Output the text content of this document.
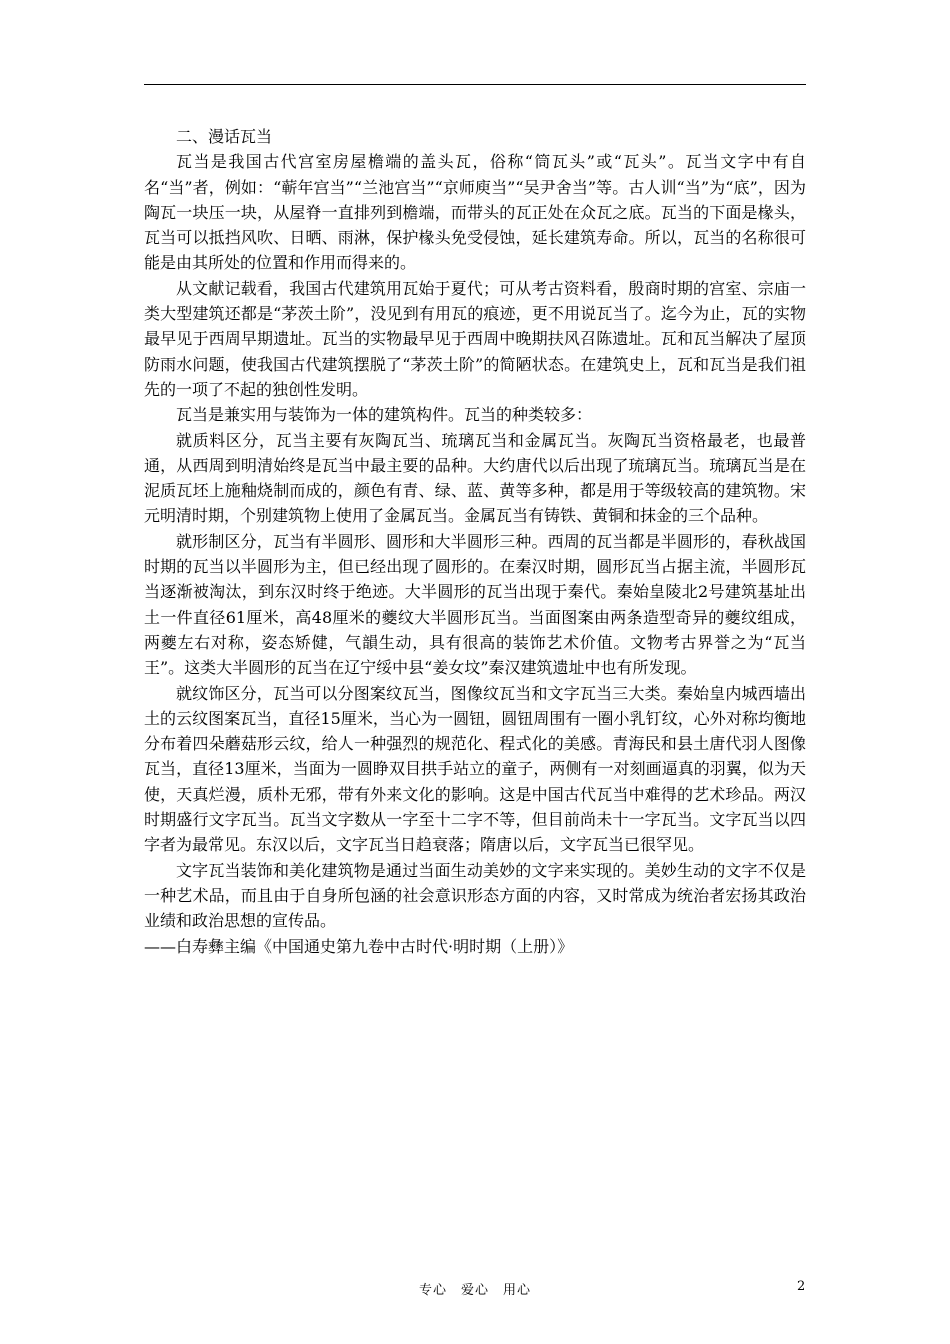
二、漫话瓦当

瓦当是我国古代宫室房屋檐端的盖头瓦，俗称“筒瓦头”或“瓦头”。瓦当文字中有自名“当”者，例如：“蕲年宫当”“兰池宫当”“京师庾当”“吴尹舍当”等。古人训“当”为“底”，因为陶瓦一块压一块，从屋脊一直排列到檐端，而带头的瓦正处在众瓦之底。瓦当的下面是椽头，瓦当可以抵挡风吹、日晒、雨淋，保护椽头免受侵蚀，延长建筑寿命。所以，瓦当的名称很可能是由其所处的位置和作用而得来的。

从文献记载看，我国古代建筑用瓦始于夏代；可从考古资料看，殷商时期的宫室、宗庙一类大型建筑还都是“茅茨土阶”，没见到有用瓦的痕迹，更不用说瓦当了。迄今为止，瓦的实物最早见于西周早期遗址。瓦当的实物最早见于西周中晚期扶风召陈遗址。瓦和瓦当解决了屋顶防雨水问题，使我国古代建筑摆脱了“茅茨土阶”的简陋状态。在建筑史上，瓦和瓦当是我们祖先的一项了不起的独创性发明。

瓦当是兼实用与装饰为一体的建筑构件。瓦当的种类较多：

就质料区分，瓦当主要有灰陶瓦当、琉璃瓦当和金属瓦当。灰陶瓦当资格最老，也最普通，从西周到明清始终是瓦当中最主要的品种。大约唐代以后出现了琉璃瓦当。琉璃瓦当是在泥质瓦坯上施釉烧制而成的，颜色有青、绿、蓝、黄等多种，都是用于等级较高的建筑物。宋元明清时期，个别建筑物上使用了金属瓦当。金属瓦当有铸铁、黄铜和抹金的三个品种。

就形制区分，瓦当有半圆形、圆形和大半圆形三种。西周的瓦当都是半圆形的，春秋战国时期的瓦当以半圆形为主，但已经出现了圆形的。在秦汉时期，圆形瓦当占据主流，半圆形瓦当逐渐被淘汰，到东汉时终于绝迹。大半圆形的瓦当出现于秦代。秦始皇陵北2号建筑基址出土一件直径61厘米，高48厘米的夔纹大半圆形瓦当。当面图案由两条造型奇异的夔纹组成，两夔左右对称，姿态矫健，气韻生动，具有很高的装饰艺术价值。文物考古界誉之为“瓦当王”。这类大半圆形的瓦当在辽宁绥中县“姜女坟”秦汉建筑遗址中也有所发现。

就纹饰区分，瓦当可以分图案纹瓦当，图像纹瓦当和文字瓦当三大类。秦始皇内城西墙出土的云纹图案瓦当，直径15厘米，当心为一圆钮，圆钮周围有一圈小乳钉纹，心外对称均衡地分布着四朵蘑菇形云纹，给人一种强烈的规范化、程式化的美感。青海民和县土唐代羽人图像瓦当，直径13厘米，当面为一圆睁双目拱手站立的童子，两侧有一对刻画逼真的羽翼，似为天使，天真烂漫，质朴无邪，带有外来文化的影响。这是中国古代瓦当中难得的艺术珍品。两汉时期盛行文字瓦当。瓦当文字数从一字至十二字不等，但目前尚未十一字瓦当。文字瓦当以四字者为最常见。东汉以后，文字瓦当日趋衰落；隋唐以后，文字瓦当已很罕见。

文字瓦当装饰和美化建筑物是通过当面生动美妙的文字来实现的。美妙生动的文字不仅是一种艺术品，而且由于自身所包涵的社会意识形态方面的内容，又时常成为统治者宏扬其政治业绩和政治思想的宣传品。

——白寿彝主编《中国通史第九卷中古时代·明时期（上册）》

专心　爱心　用心	2
